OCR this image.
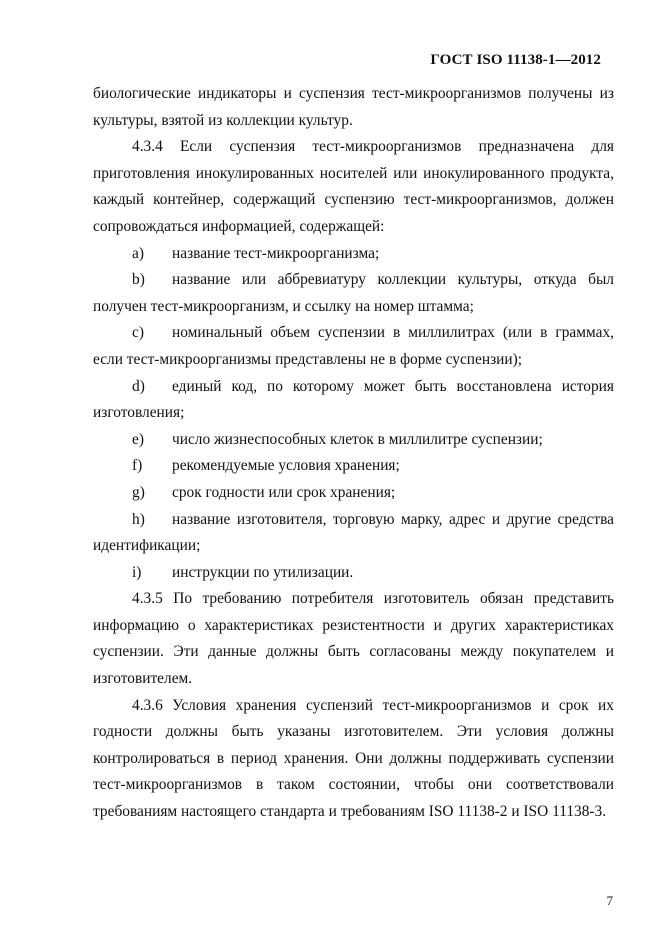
ГОСТ ISO 11138-1—2012

биологические индикаторы и суспензия тест-микроорганизмов получены из культуры, взятой из коллекции культур.

4.3.4 Если суспензия тест-микроорганизмов предназначена для приготовления инокулированных носителей или инокулированного продукта, каждый контейнер, содержащий суспензию тест-микроорганизмов, должен сопровождаться информацией, содержащей:

а) название тест-микроорганизма;

b) название или аббревиатуру коллекции культуры, откуда был получен тест-микроорганизм, и ссылку на номер штамма;

c) номинальный объем суспензии в миллилитрах (или в граммах, если тест-микроорганизмы представлены не в форме суспензии);

d) единый код, по которому может быть восстановлена история изготовления;

e) число жизнеспособных клеток в миллилитре суспензии;

f) рекомендуемые условия хранения;

g) срок годности или срок хранения;

h) название изготовителя, торговую марку, адрес и другие средства идентификации;

i) инструкции по утилизации.

4.3.5 По требованию потребителя изготовитель обязан представить информацию о характеристиках резистентности и других характеристиках суспензии. Эти данные должны быть согласованы между покупателем и изготовителем.

4.3.6 Условия хранения суспензий тест-микроорганизмов и срок их годности должны быть указаны изготовителем. Эти условия должны контролироваться в период хранения. Они должны поддерживать суспензии тест-микроорганизмов в таком состоянии, чтобы они соответствовали требованиям настоящего стандарта и требованиям ISO 11138-2 и ISO 11138-3.

7
